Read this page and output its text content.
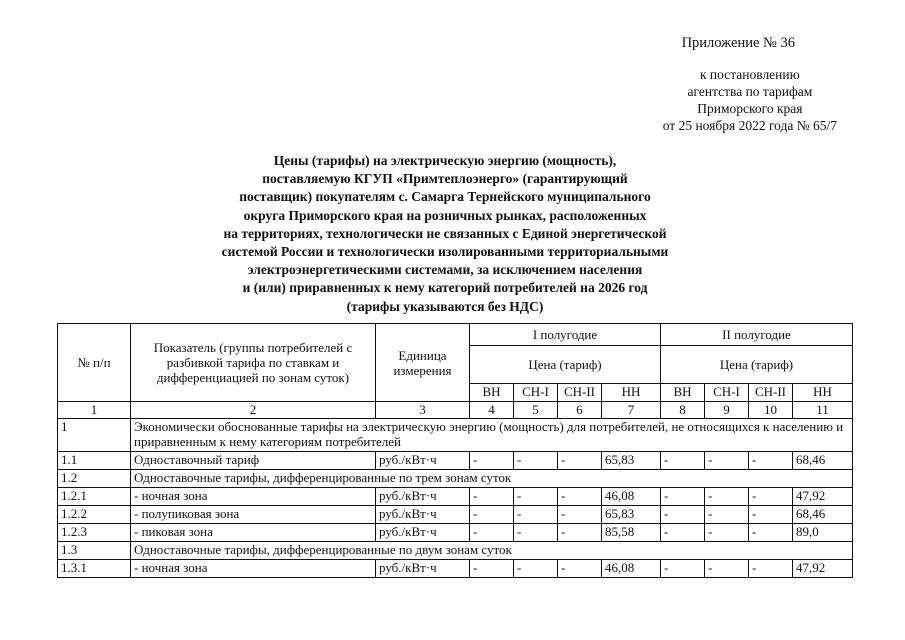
Приложение № 36
к постановлению
агентства по тарифам
Приморского края
от 25 ноября 2022 года № 65/7
Цены (тарифы) на электрическую энергию (мощность),
поставляемую КГУП «Примтеплоэнерго» (гарантирующий
поставщик) покупателям с. Самарга Тернейского муниципального
округа Приморского края на розничных рынках, расположенных
на территориях, технологически не связанных с Единой энергетической
системой России и технологически изолированными территориальными
электроэнергетическими системами, за исключением населения
и (или) приравненных к нему категорий потребителей на 2026 год
(тарифы указываются без НДС)
№ п/п	Показатель (группы потребителей с разбивкой тарифа по ставкам и дифференциацией по зонам суток)	Единица измерения	I полугодие				II полугодие			
			Цена (тариф)				Цена (тариф)			
			ВН	СН-I	СН-II	НН	ВН	СН-I	СН-II	НН
1	2	3	4	5	6	7	8	9	10	11
1	Экономически обоснованные тарифы на электрическую энергию (мощность) для потребителей, не относящихся к населению и приравненным к нему категориям потребителей									
1.1	Одноставочный тариф	руб./кВт·ч	-	-	-	65,83	-	-	-	68,46
1.2	Одноставочные тарифы, дифференцированные по трем зонам суток									
1.2.1	- ночная зона	руб./кВт·ч	-	-	-	46,08	-	-	-	47,92
1.2.2	- полупиковая зона	руб./кВт·ч	-	-	-	65,83	-	-	-	68,46
1.2.3	- пиковая зона	руб./кВт·ч	-	-	-	85,58	-	-	-	89,0
1.3	Одноставочные тарифы, дифференцированные по двум зонам суток									
1.3.1	- ночная зона	руб./кВт·ч	-	-	-	46,08	-	-	-	47,92
